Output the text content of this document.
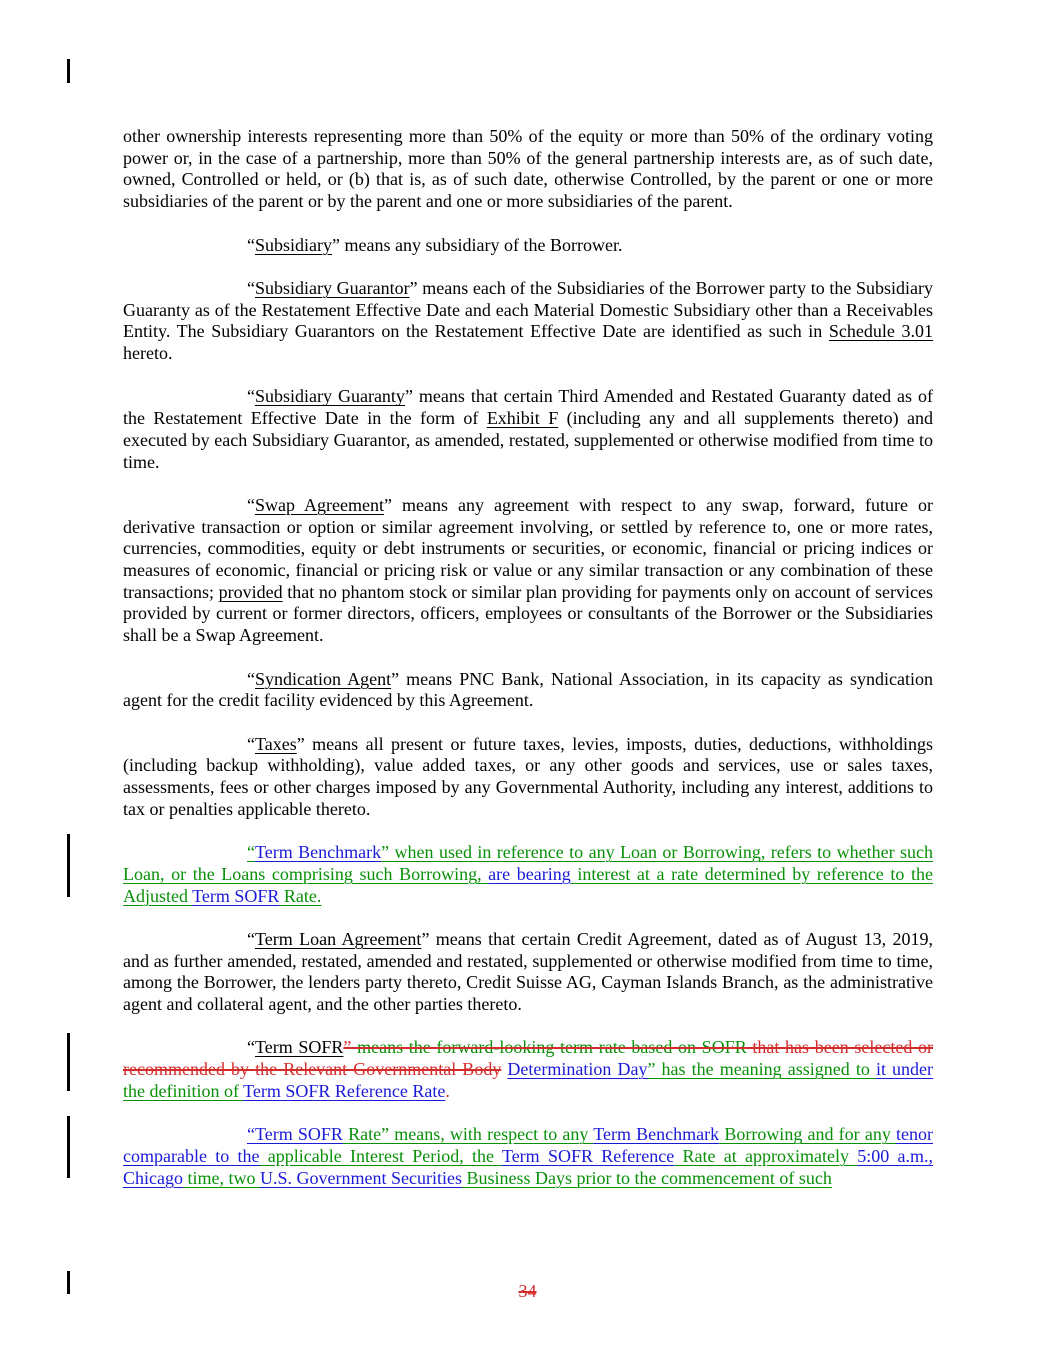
other ownership interests representing more than 50% of the equity or more than 50% of the ordinary voting power or, in the case of a partnership, more than 50% of the general partnership interests are, as of such date, owned, Controlled or held, or (b) that is, as of such date, otherwise Controlled, by the parent or one or more subsidiaries of the parent or by the parent and one or more subsidiaries of the parent.

“Subsidiary” means any subsidiary of the Borrower.

“Subsidiary Guarantor” means each of the Subsidiaries of the Borrower party to the Subsidiary Guaranty as of the Restatement Effective Date and each Material Domestic Subsidiary other than a Receivables Entity. The Subsidiary Guarantors on the Restatement Effective Date are identified as such in Schedule 3.01 hereto.

“Subsidiary Guaranty” means that certain Third Amended and Restated Guaranty dated as of the Restatement Effective Date in the form of Exhibit F (including any and all supplements thereto) and executed by each Subsidiary Guarantor, as amended, restated, supplemented or otherwise modified from time to time.

“Swap Agreement” means any agreement with respect to any swap, forward, future or derivative transaction or option or similar agreement involving, or settled by reference to, one or more rates, currencies, commodities, equity or debt instruments or securities, or economic, financial or pricing indices or measures of economic, financial or pricing risk or value or any similar transaction or any combination of these transactions; provided that no phantom stock or similar plan providing for payments only on account of services provided by current or former directors, officers, employees or consultants of the Borrower or the Subsidiaries shall be a Swap Agreement.

“Syndication Agent” means PNC Bank, National Association, in its capacity as syndication agent for the credit facility evidenced by this Agreement.

“Taxes” means all present or future taxes, levies, imposts, duties, deductions, withholdings (including backup withholding), value added taxes, or any other goods and services, use or sales taxes, assessments, fees or other charges imposed by any Governmental Authority, including any interest, additions to tax or penalties applicable thereto.

“Term Benchmark” when used in reference to any Loan or Borrowing, refers to whether such Loan, or the Loans comprising such Borrowing, are bearing interest at a rate determined by reference to the Adjusted Term SOFR Rate.

“Term Loan Agreement” means that certain Credit Agreement, dated as of August 13, 2019, and as further amended, restated, amended and restated, supplemented or otherwise modified from time to time, among the Borrower, the lenders party thereto, Credit Suisse AG, Cayman Islands Branch, as the administrative agent and collateral agent, and the other parties thereto.

“Term SOFR” means the forward-looking term rate based on SOFR that has been selected or recommended by the Relevant Governmental Body Determination Day” has the meaning assigned to it under the definition of Term SOFR Reference Rate.

“Term SOFR Rate” means, with respect to any Term Benchmark Borrowing and for any tenor comparable to the applicable Interest Period, the Term SOFR Reference Rate at approximately 5:00 a.m., Chicago time, two U.S. Government Securities Business Days prior to the commencement of such

34
